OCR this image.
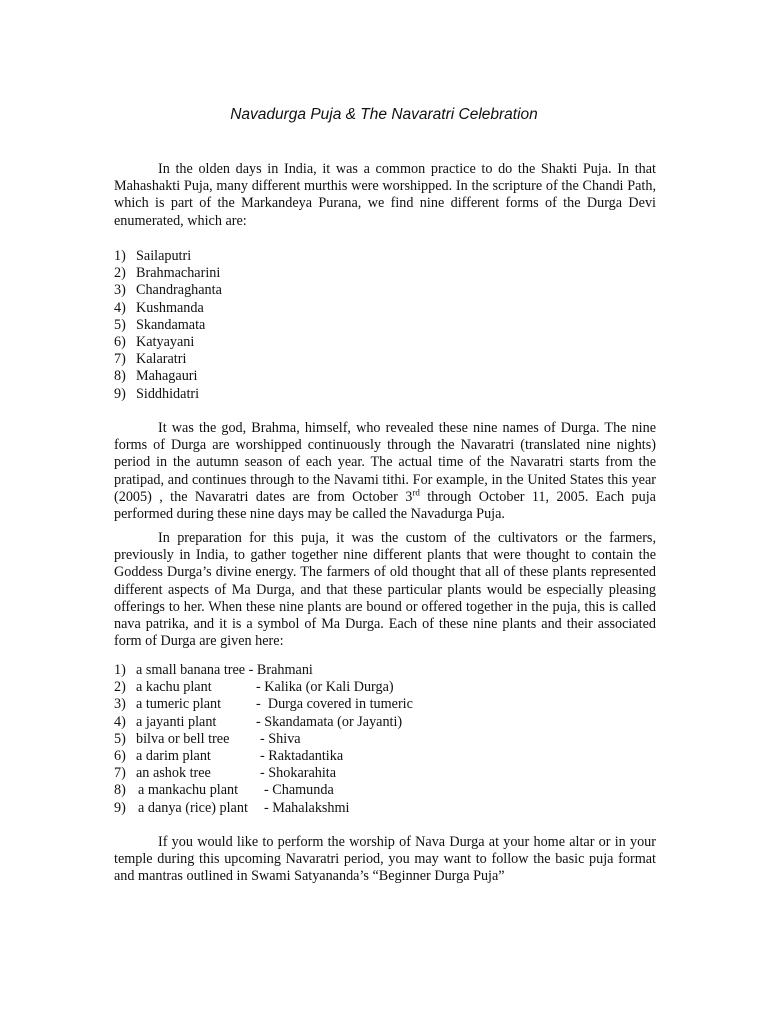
Navadurga Puja & The Navaratri Celebration

In the olden days in India, it was a common practice to do the Shakti Puja. In that Mahashakti Puja, many different murthis were worshipped. In the scripture of the Chandi Path, which is part of the Markandeya Purana, we find nine different forms of the Durga Devi enumerated, which are:

1) Sailaputri
2) Brahmacharini
3) Chandraghanta
4) Kushmanda
5) Skandamata
6) Katyayani
7) Kalaratri
8) Mahagauri
9) Siddhidatri

It was the god, Brahma, himself, who revealed these nine names of Durga. The nine forms of Durga are worshipped continuously through the Navaratri (translated nine nights) period in the autumn season of each year. The actual time of the Navaratri starts from the pratipad, and continues through to the Navami tithi. For example, in the United States this year (2005) , the Navaratri dates are from October 3rd through October 11, 2005. Each puja performed during these nine days may be called the Navadurga Puja.

In preparation for this puja, it was the custom of the cultivators or the farmers, previously in India, to gather together nine different plants that were thought to contain the Goddess Durga’s divine energy. The farmers of old thought that all of these plants represented different aspects of Ma Durga, and that these particular plants would be especially pleasing offerings to her. When these nine plants are bound or offered together in the puja, this is called nava patrika, and it is a symbol of Ma Durga. Each of these nine plants and their associated form of Durga are given here:

1) a small banana tree - Brahmani
2) a kachu plant	- Kalika (or Kali Durga)
3) a tumeric plant -  Durga covered in tumeric
4) a jayanti plant	- Skandamata (or Jayanti)
5) bilva or bell tree - Shiva
6) a darim plant	- Raktadantika
7) an ashok tree	- Shokarahita
8) a mankachu plant - Chamunda
9) a danya (rice) plant - Mahalakshmi

If you would like to perform the worship of Nava Durga at your home altar or in your temple during this upcoming Navaratri period, you may want to follow the basic puja format and mantras outlined in Swami Satyananda’s “Beginner Durga Puja”
